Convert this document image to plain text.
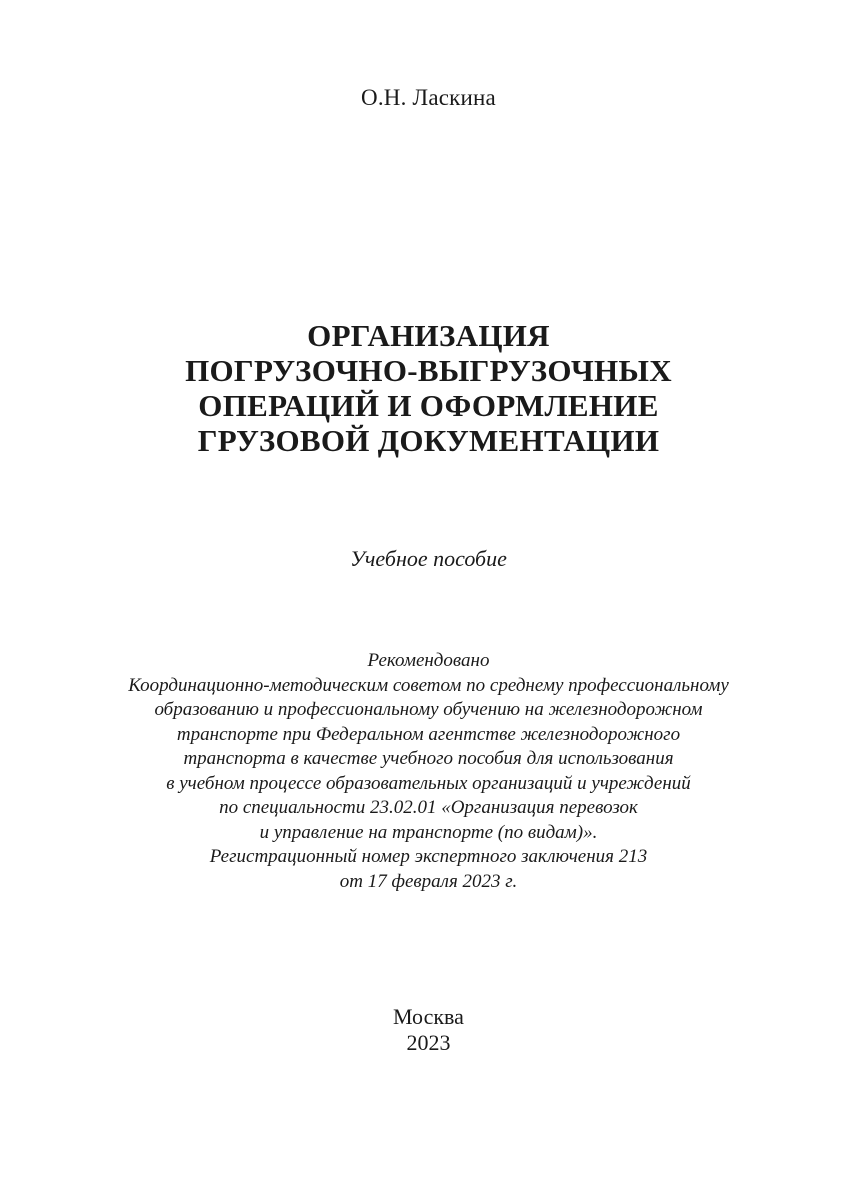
О.Н. Ласкина
ОРГАНИЗАЦИЯ
ПОГРУЗОЧНО-ВЫГРУЗОЧНЫХ
ОПЕРАЦИЙ И ОФОРМЛЕНИЕ
ГРУЗОВОЙ ДОКУМЕНТАЦИИ
Учебное пособие
Рекомендовано
Координационно-методическим советом по среднему профессиональному
образованию и профессиональному обучению на железнодорожном
транспорте при Федеральном агентстве железнодорожного
транспорта в качестве учебного пособия для использования
в учебном процессе образовательных организаций и учреждений
по специальности 23.02.01 «Организация перевозок
и управление на транспорте (по видам)».
Регистрационный номер экспертного заключения 213
от 17 февраля 2023 г.
Москва
2023
